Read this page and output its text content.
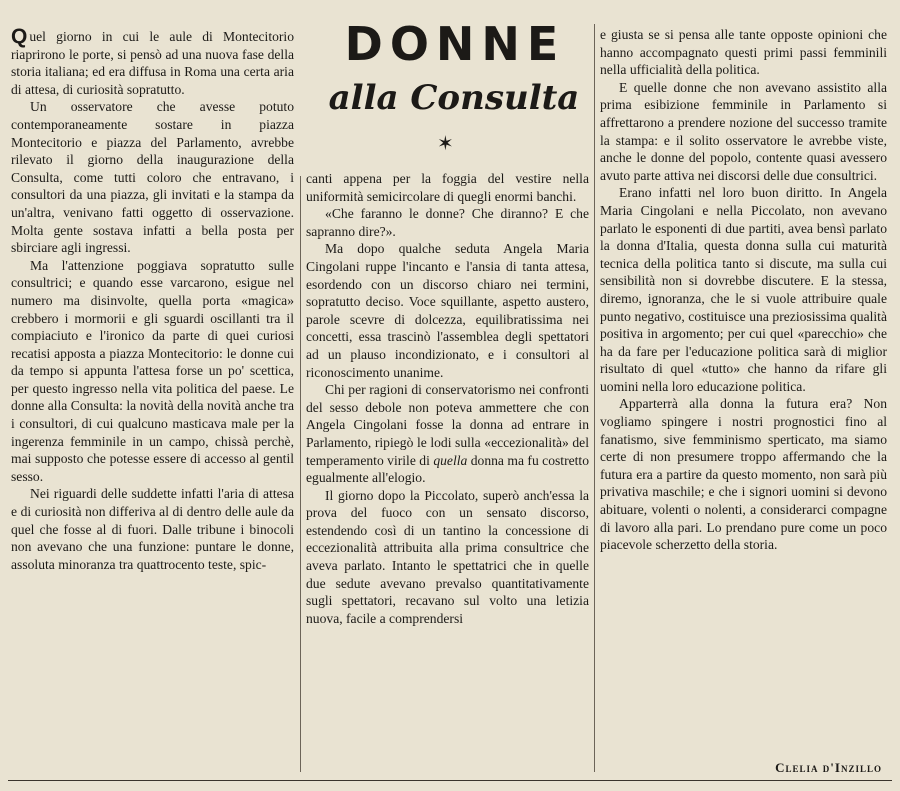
Quel giorno in cui le aule di Montecitorio riaprirono le porte, si pensò ad una nuova fase della storia italiana; ed era diffusa in Roma una certa aria di attesa, di curiosità sopratutto.

Un osservatore che avesse potuto contemporaneamente sostare in piazza Montecitorio e piazza del Parlamento, avrebbe rilevato il giorno della inaugurazione della Consulta, come tutti coloro che entravano, i consultori da una piazza, gli invitati e la stampa da un'altra, venivano fatti oggetto di osservazione. Molta gente sostava infatti a bella posta per sbirciare agli ingressi.

Ma l'attenzione poggiava sopratutto sulle consultrici; e quando esse varcarono, esigue nel numero ma disinvolte, quella porta «magica» crebbero i mormorii e gli sguardi oscillanti tra il compiaciuto e l'ironico da parte di quei curiosi recatisi apposta a piazza Montecitorio: le donne cui da tempo si appunta l'attesa forse un po' scettica, per questo ingresso nella vita politica del paese. Le donne alla Consulta: la novità della novità anche tra i consultori, di cui qualcuno masticava male per la ingerenza femminile in un campo, chissà perchè, mai supposto che potesse essere di accesso al gentil sesso.

Nei riguardi delle suddette infatti l'aria di attesa e di curiosità non differiva al di dentro delle aule da quel che fosse al di fuori. Dalle tribune i binocoli non avevano che una funzione: puntare le donne, assoluta minoranza tra quattrocento teste, spic-

DONNE
alla Consulta
✶

canti appena per la foggia del vestire nella uniformità semicircolare di quegli enormi banchi.

«Che faranno le donne? Che diranno? E che sapranno dire?».

Ma dopo qualche seduta Angela Maria Cingolani ruppe l'incanto e l'ansia di tanta attesa, esordendo con un discorso chiaro nei termini, sopratutto deciso. Voce squillante, aspetto austero, parole scevre di dolcezza, equilibratissima nei concetti, essa trascinò l'assemblea degli spettatori ad un plauso incondizionato, e i consultori al riconoscimento unanime.

Chi per ragioni di conservatorismo nei confronti del sesso debole non poteva ammettere che con Angela Cingolani fosse la donna ad entrare in Parlamento, ripiegò le lodi sulla «eccezionalità» del temperamento virile di quella donna ma fu costretto egualmente all'elogio.

Il giorno dopo la Piccolato, superò anch'essa la prova del fuoco con un sensato discorso, estendendo così di un tantino la concessione di eccezionalità attribuita alla prima consultrice che aveva parlato. Intanto le spettatrici che in quelle due sedute avevano prevalso quantitativamente sugli spettatori, recavano sul volto una letizia nuova, facile a comprendersi

e giusta se si pensa alle tante opposte opinioni che hanno accompagnato questi primi passi femminili nella ufficialità della politica.

E quelle donne che non avevano assistito alla prima esibizione femminile in Parlamento si affrettarono a prendere nozione del successo tramite la stampa: e il solito osservatore le avrebbe viste, anche le donne del popolo, contente quasi avessero avuto parte attiva nei discorsi delle due consultrici.

Erano infatti nel loro buon diritto. In Angela Maria Cingolani e nella Piccolato, non avevano parlato le esponenti di due partiti, avea bensì parlato la donna d'Italia, questa donna sulla cui maturità tecnica della politica tanto si discute, ma sulla cui sensibilità non si dovrebbe discutere. E la stessa, diremo, ignoranza, che le si vuole attribuire quale punto negativo, costituisce una preziosissima qualità positiva in argomento; per cui quel «parecchio» che ha da fare per l'educazione politica sarà di miglior risultato di quel «tutto» che hanno da rifare gli uomini nella loro educazione politica.

Apparterrà alla donna la futura era? Non vogliamo spingere i nostri prognostici fino al fanatismo, sive femminismo sperticato, ma siamo certe di non presumere troppo affermando che la futura era a partire da questo momento, non sarà più privativa maschile; e che i signori uomini si devono abituare, volenti o nolenti, a considerarci compagne di lavoro alla pari. Lo prendano pure come un poco piacevole scherzetto della storia.

Clelia d'Inzillo
